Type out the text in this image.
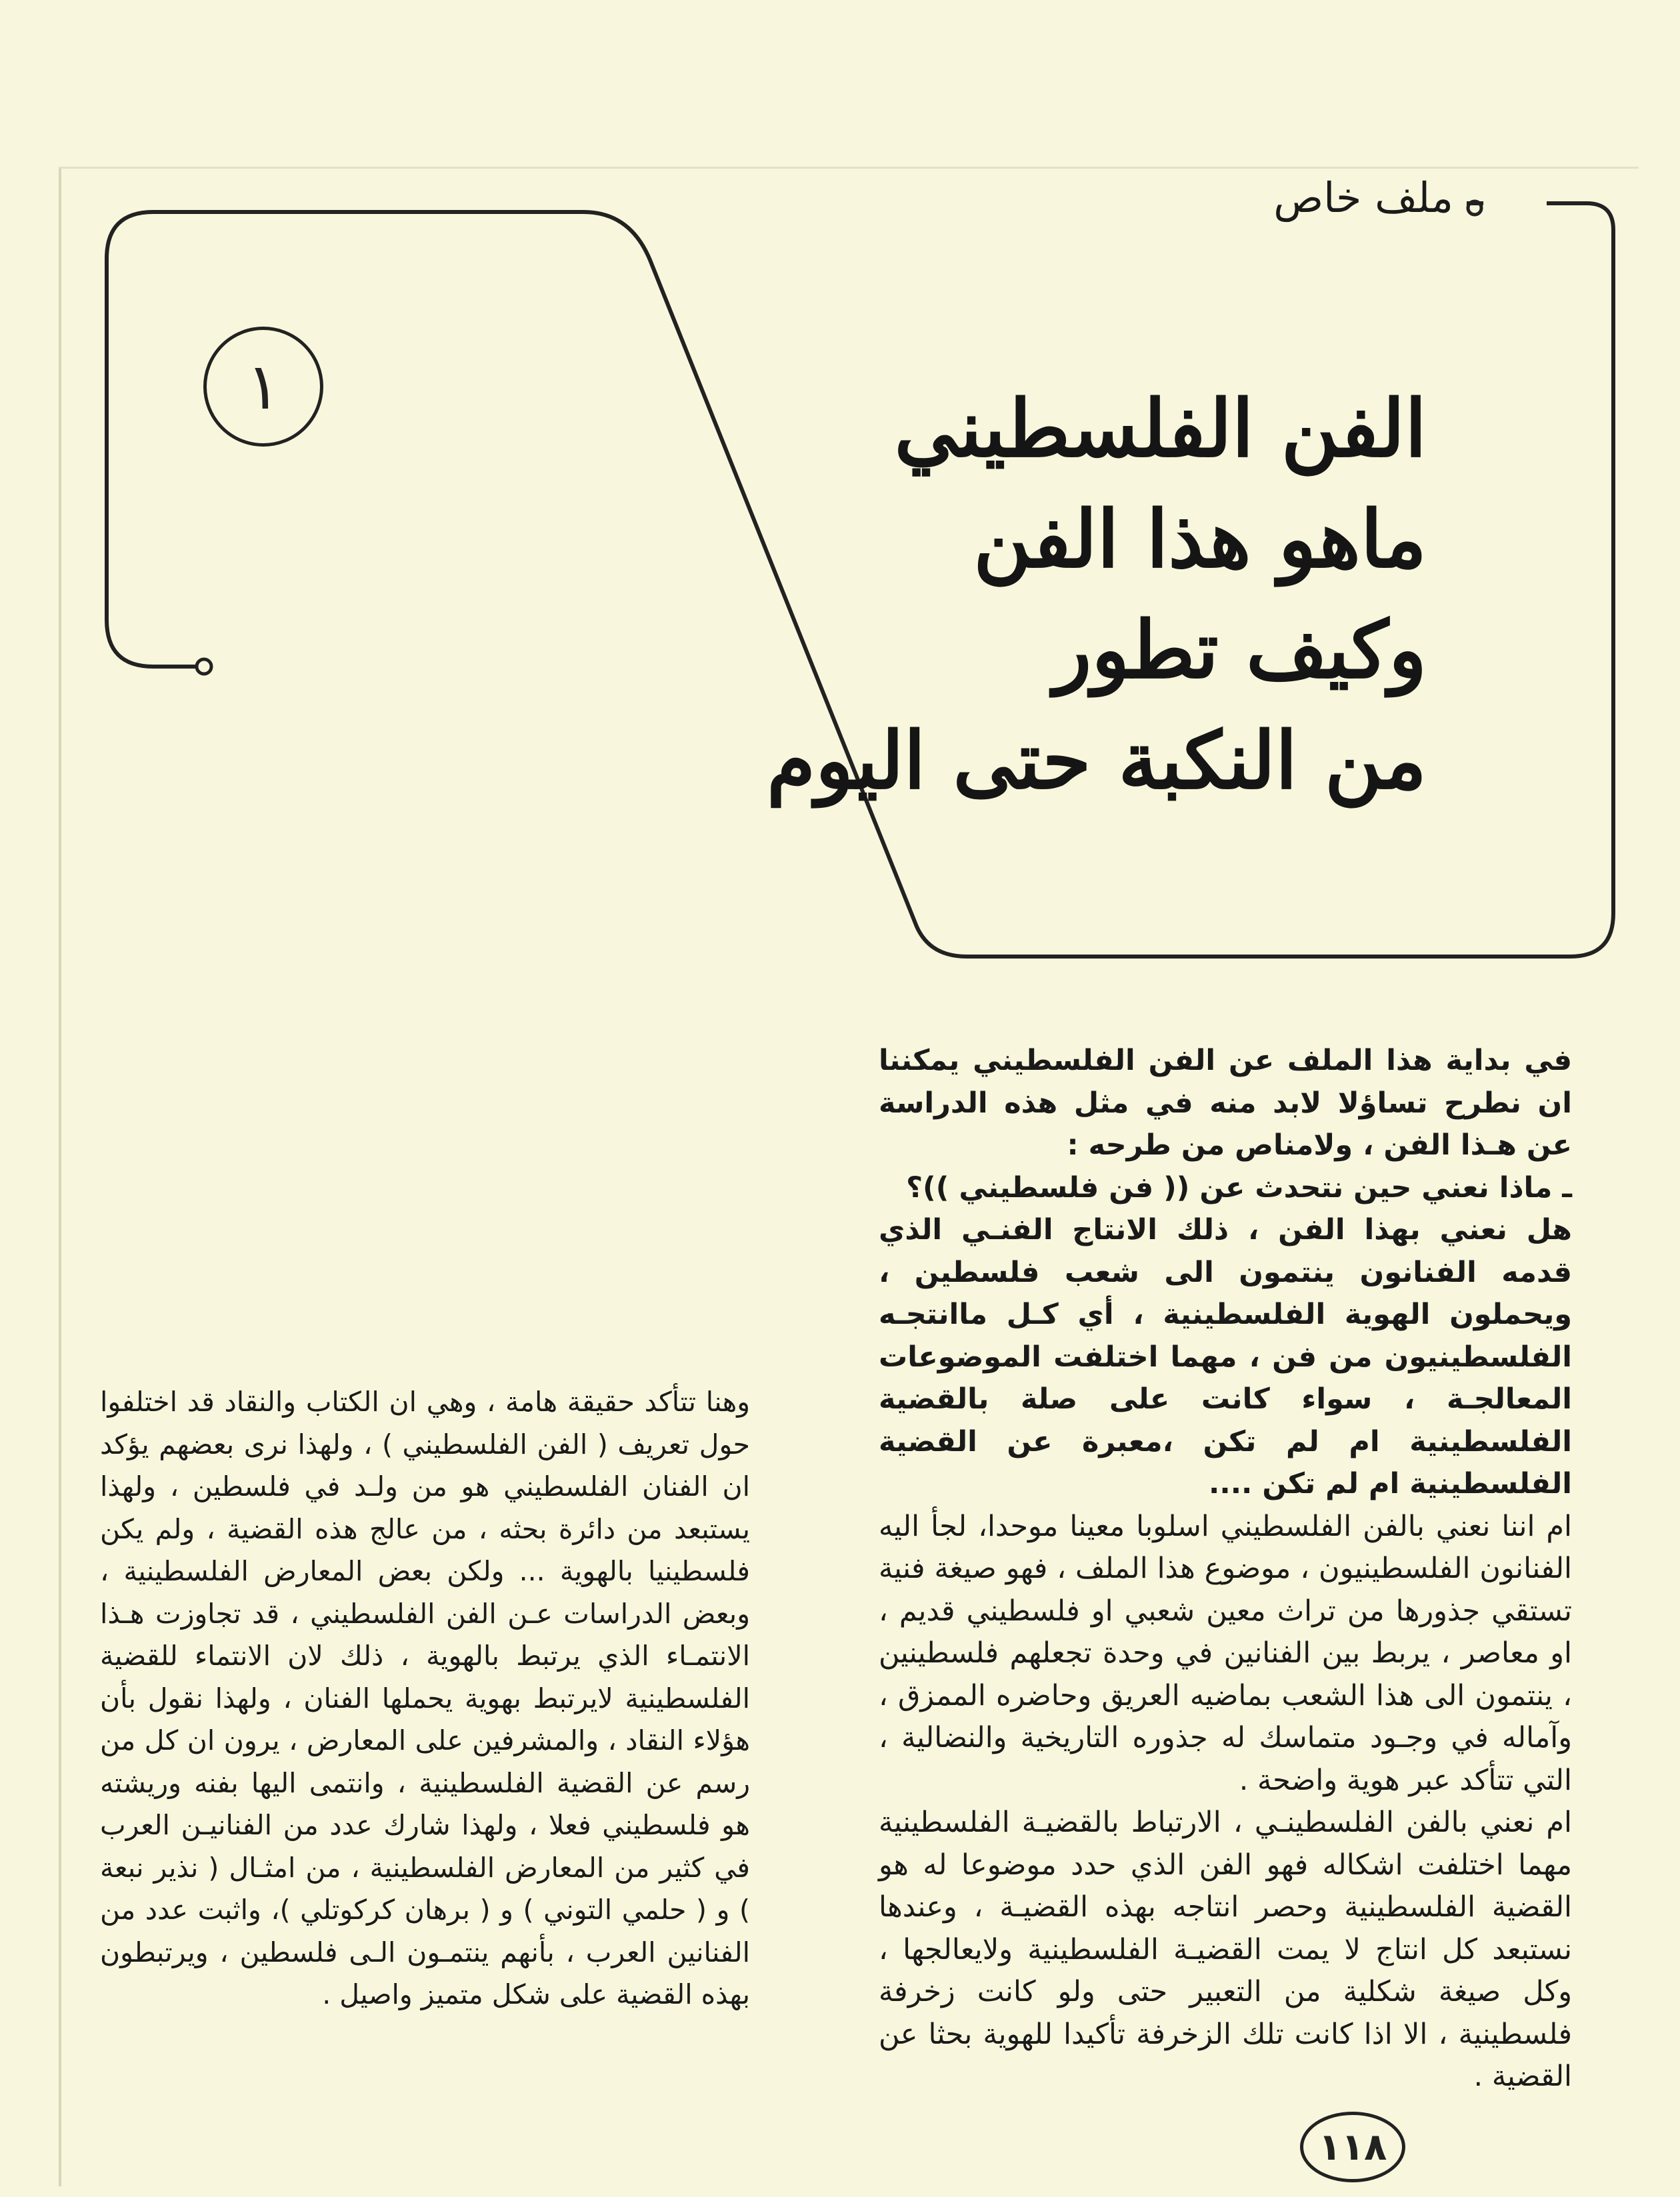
ملف خاص
١	الفن الفلسطيني
ماهو هذا الفن
وكيف تطور
من النكبة حتى اليوم

في بداية هذا الملف عن الفن الفلسطيني يمكننا ان نطرح تساؤلا لابد منه في مثل هذه الدراسة عن هـذا الفن ، ولامناص من طرحه :

ـ ماذا نعني حين نتحدث عن (( فن فلسطيني ))؟

هل نعني بهذا الفن ، ذلك الانتاج الفنـي الذي قدمه الفنانون ينتمون الى شعب فلسطين ، ويحملون الهوية الفلسطينية ، أي كـل ماانتجـه الفلسطينيون من فن ، مهما اختلفت الموضوعات المعالجـة ، سواء كانت على صلة بالقضية الفلسطينية ام لم تكن ،معبرة عن القضية الفلسطينية ام لم تكن ....

ام اننا نعني بالفن الفلسطيني اسلوبا معينا موحدا، لجأ اليه الفنانون الفلسطينيون ، موضوع هذا الملف ، فهو صيغة فنية تستقي جذورها من تراث معين شعبي او فلسطيني قديم ، او معاصر ، يربط بين الفنانين في وحدة تجعلهم فلسطينين ، ينتمون الى هذا الشعب بماضيه العريق وحاضره الممزق ، وآماله في وجـود متماسك له جذوره التاريخية والنضالية ، التي تتأكد عبر هوية واضحة .

ام نعني بالفن الفلسطينـي ، الارتباط بالقضيـة الفلسطينية مهما اختلفت اشكاله فهو الفن الذي حدد موضوعا له هو القضية الفلسطينية وحصر انتاجه بهذه القضيـة ، وعندها نستبعد كل انتاج لا يمت القضيـة الفلسطينية ولايعالجها ، وكل صيغة شكلية من التعبير حتى ولو كانت زخرفة فلسطينية ، الا اذا كانت تلك الزخرفة تأكيدا للهوية بحثا عن القضية .

وهنا تتأكد حقيقة هامة ، وهي ان الكتاب والنقاد قد اختلفوا حول تعريف ( الفن الفلسطيني ) ، ولهذا نرى بعضهم يؤكد ان الفنان الفلسطيني هو من ولـد في فلسطين ، ولهذا يستبعد من دائرة بحثه ، من عالج هذه القضية ، ولم يكن فلسطينيا بالهوية ... ولكن بعض المعارض الفلسطينية ، وبعض الدراسات عـن الفن الفلسطيني ، قد تجاوزت هـذا الانتمـاء الذي يرتبط بالهوية ، ذلك لان الانتماء للقضية الفلسطينية لايرتبط بهوية يحملها الفنان ، ولهذا نقول بأن هؤلاء النقاد ، والمشرفين على المعارض ، يرون ان كل من رسم عن القضية الفلسطينية ، وانتمى اليها بفنه وريشته هو فلسطيني فعلا ، ولهذا شارك عدد من الفنانيـن العرب في كثير من المعارض الفلسطينية ، من امثـال ( نذير نبعة ) و ( حلمي التوني ) و ( برهان كركوتلي )، واثبت عدد من الفنانين العرب ، بأنهم ينتمـون الـى فلسطين ، ويرتبطون بهذه القضية على شكل متميز واصيل .

١١٨
